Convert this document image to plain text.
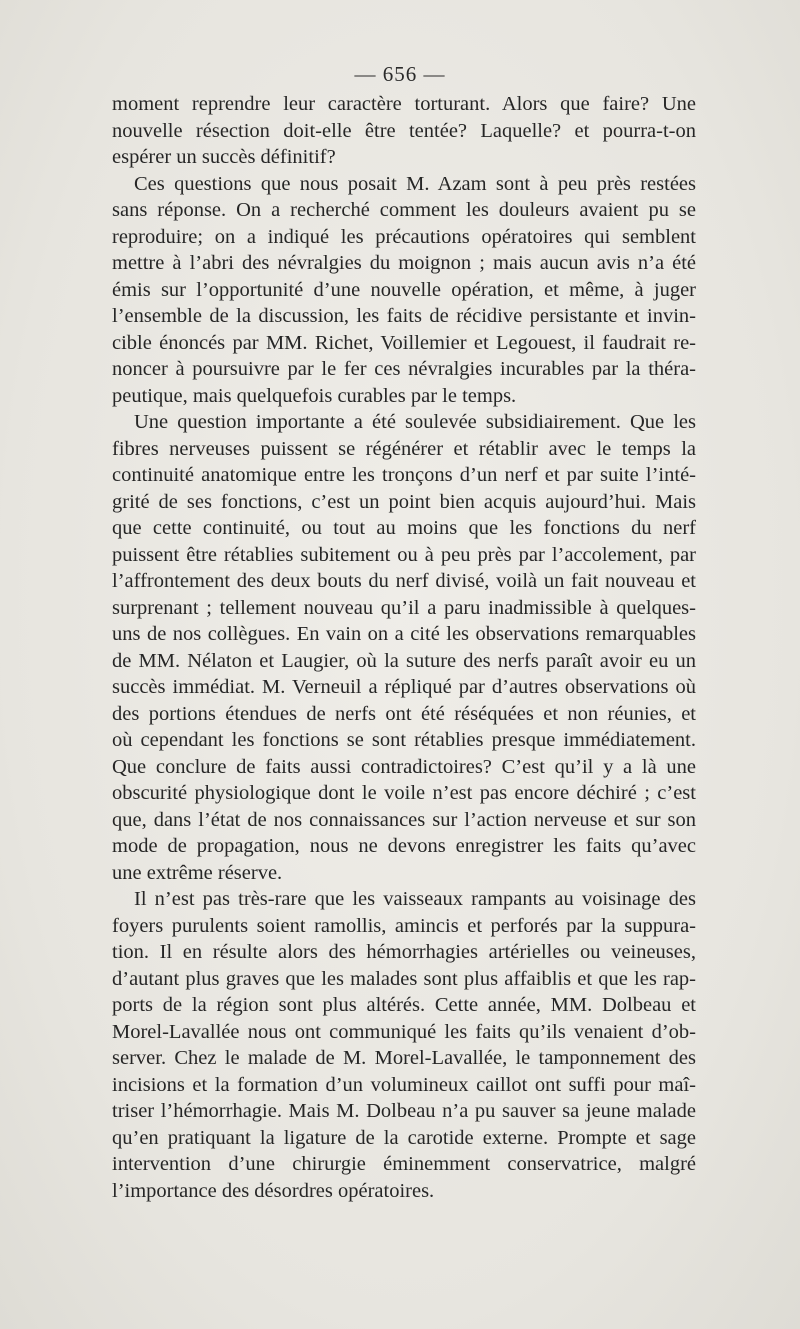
— 656 —
moment reprendre leur caractère torturant. Alors que faire? Une
nouvelle résection doit-elle être tentée? Laquelle? et pourra-t-on
espérer un succès définitif?
Ces questions que nous posait M. Azam sont à peu près restées
sans réponse. On a recherché comment les douleurs avaient pu se
reproduire; on a indiqué les précautions opératoires qui semblent
mettre à l’abri des névralgies du moignon ; mais aucun avis n’a été
émis sur l’opportunité d’une nouvelle opération, et même, à juger
l’ensemble de la discussion, les faits de récidive persistante et invin-
cible énoncés par MM. Richet, Voillemier et Legouest, il faudrait re-
noncer à poursuivre par le fer ces névralgies incurables par la théra-
peutique, mais quelquefois curables par le temps.
Une question importante a été soulevée subsidiairement. Que les
fibres nerveuses puissent se régénérer et rétablir avec le temps la
continuité anatomique entre les tronçons d’un nerf et par suite l’inté-
grité de ses fonctions, c’est un point bien acquis aujourd’hui. Mais
que cette continuité, ou tout au moins que les fonctions du nerf
puissent être rétablies subitement ou à peu près par l’accolement, par
l’affrontement des deux bouts du nerf divisé, voilà un fait nouveau et
surprenant ; tellement nouveau qu’il a paru inadmissible à quelques-
uns de nos collègues. En vain on a cité les observations remarquables
de MM. Nélaton et Laugier, où la suture des nerfs paraît avoir eu un
succès immédiat. M. Verneuil a répliqué par d’autres observations où
des portions étendues de nerfs ont été réséquées et non réunies, et
où cependant les fonctions se sont rétablies presque immédiatement.
Que conclure de faits aussi contradictoires? C’est qu’il y a là une
obscurité physiologique dont le voile n’est pas encore déchiré ; c’est
que, dans l’état de nos connaissances sur l’action nerveuse et sur son
mode de propagation, nous ne devons enregistrer les faits qu’avec
une extrême réserve.
Il n’est pas très-rare que les vaisseaux rampants au voisinage des
foyers purulents soient ramollis, amincis et perforés par la suppura-
tion. Il en résulte alors des hémorrhagies artérielles ou veineuses,
d’autant plus graves que les malades sont plus affaiblis et que les rap-
ports de la région sont plus altérés. Cette année, MM. Dolbeau et
Morel-Lavallée nous ont communiqué les faits qu’ils venaient d’ob-
server. Chez le malade de M. Morel-Lavallée, le tamponnement des
incisions et la formation d’un volumineux caillot ont suffi pour maî-
triser l’hémorrhagie. Mais M. Dolbeau n’a pu sauver sa jeune malade
qu’en pratiquant la ligature de la carotide externe. Prompte et sage
intervention d’une chirurgie éminemment conservatrice, malgré
l’importance des désordres opératoires.
